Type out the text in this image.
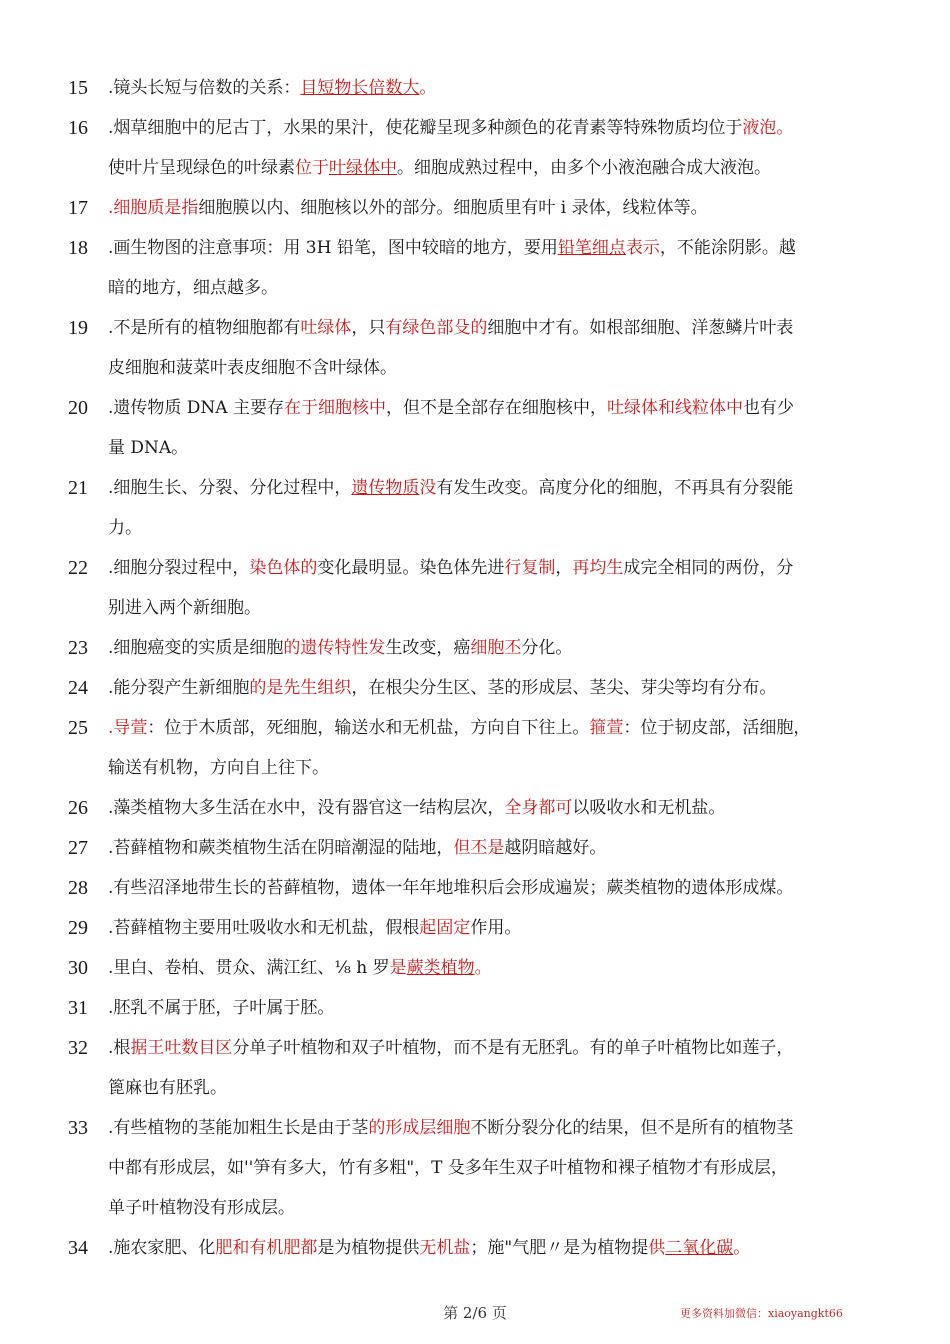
15	.镜头长短与倍数的关系：目短物长倍数大。
16	.烟草细胞中的尼古丁，水果的果汁，使花瓣呈现多种颜色的花青素等特殊物质均位于液泡。
使叶片呈现绿色的叶绿素位于叶绿体中。细胞成熟过程中，由多个小液泡融合成大液泡。
17	.细胞质是指细胞膜以内、细胞核以外的部分。细胞质里有叶 i 录体，线粒体等。
18	.画生物图的注意事项：用 3H 铅笔，图中较暗的地方，要用铅笔细点表示，不能涂阴影。越
暗的地方，细点越多。
19	.不是所有的植物细胞都有吐绿体，只有绿色部殳的细胞中才有。如根部细胞、洋葱鳞片叶表
皮细胞和菠菜叶表皮细胞不含叶绿体。
20	.遗传物质 DNA 主要存在于细胞核中，但不是全部存在细胞核中，吐绿体和线粒体中也有少
量 DNA。
21	.细胞生长、分裂、分化过程中，遗传物质没有发生改变。高度分化的细胞，不再具有分裂能
力。
22	.细胞分裂过程中，染色体的变化最明显。染色体先进行复制，再均生成完全相同的两份，分
别进入两个新细胞。
23	.细胞癌变的实质是细胞的遗传特性发生改变，癌细胞丕分化。
24	.能分裂产生新细胞的是先生组织，在根尖分生区、茎的形成层、茎尖、芽尖等均有分布。
25	.导萱：位于木质部，死细胞，输送水和无机盐，方向自下往上。箍萱：位于韧皮部，活细胞，
输送有机物，方向自上往下。
26	.藻类植物大多生活在水中，没有器官这一结构层次，全身都可以吸收水和无机盐。
27	.苔藓植物和蕨类植物生活在阴暗潮湿的陆地，但丕是越阴暗越好。
28	.有些沼泽地带生长的苔藓植物，遗体一年年地堆积后会形成遍炭；蕨类植物的遗体形成煤。
29	.苔藓植物主要用吐吸收水和无机盐，假根起固定作用。
30	.里白、卷柏、贯众、满江红、⅛ h 罗是蕨类植物。
31	.胚乳不属于胚，子叶属于胚。
32	.根据王吐数目区分单子叶植物和双子叶植物，而不是有无胚乳。有的单子叶植物比如莲子，
篦麻也有胚乳。
33	.有些植物的茎能加粗生长是由于茎的形成层细胞不断分裂分化的结果，但不是所有的植物茎
中都有形成层，如''笋有多大，竹有多粗"，T 殳多年生双子叶植物和裸子植物才有形成层，
单子叶植物没有形成层。
34	.施农家肥、化肥和有机肥都是为植物提供无机盐；施"气肥〃是为植物提供二氧化碳。
第 2/6 页	更多资料加微信：xiaoyangkt66
